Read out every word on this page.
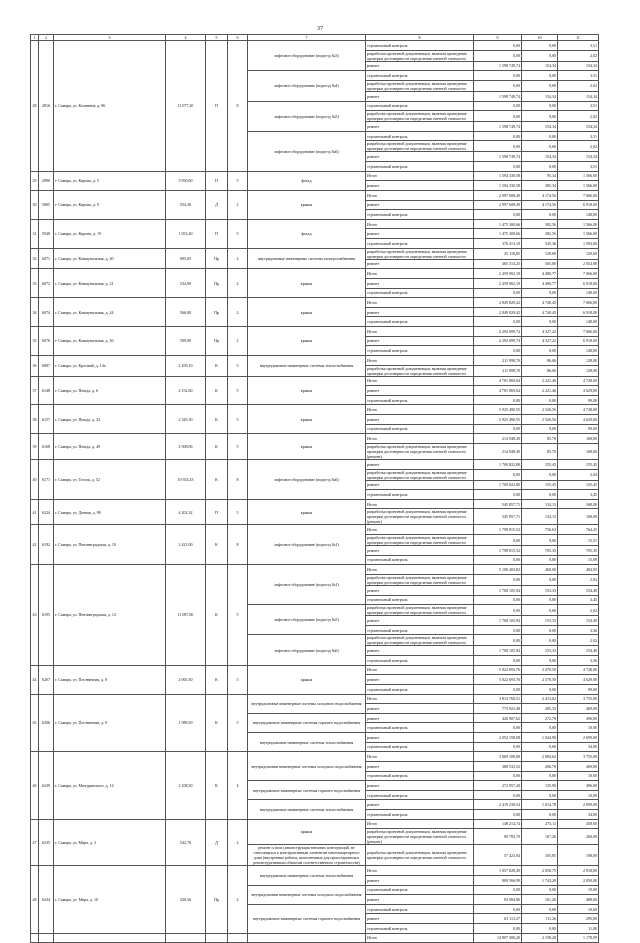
37
1	2	3	4	5	6	7	8	9	10	11
28	2816	г. Самара, ул. Калинина, д. 86	11 077,20	П	8	лифтовое оборудование (подъезд №3)	строительный контроль	0,00	0,00	3,51
							разработка проектной документации, включая проведение проверки достоверности определения сметной стоимости	0,00	0,00	2,02
							ремонт	1 598 749,74	154,34	154,34
						лифтовое оборудование (подъезд №4)	строительный контроль	0,00	0,00	3,51
							разработка проектной документации, включая проведение проверки достоверности определения сметной стоимости	0,00	0,00	2,02
							ремонт	1 598 749,74	154,34	154,34
						лифтовое оборудование (подъезд №5)	строительный контроль	0,00	0,00	3,51
							разработка проектной документации, включая проведение проверки достоверности определения сметной стоимости	0,00	0,00	2,02
							ремонт	1 598 749,74	154,34	154,34
						лифтовое оборудование (подъезд №6)	строительный контроль	0,00	0,00	3,51
							разработка проектной документации, включая проведение проверки достоверности определения сметной стоимости	0,00	0,00	2,02
							ремонт	1 598 749,74	154,34	154,34
							строительный контроль	0,00	0,00	3,51
29	2990	г. Самара, ул. Кирова, д. 5	3 950,60	П	5	фасад	Итого	1 594 330,58	95,34	1 566,00
							ремонт	1 594 330,58	385,34	1 566,00
30	5805	г. Самара, ул. Кирова, д. 9	554,30	Д	2	крыша	Итого	2 997 608,49	4 174,56	7 066,00
							ремонт	2 997 608,49	4 174,56	6 918,00
							строительный контроль	0,00	0,00	148,00
31	5948	г. Самара, ул. Кирова, д. 19	1 053,40	П	5	фасад	Итого	1 475 300,66	382,56	1 566,00
							ремонт	1 475 300,66	382,56	1 566,00
							строительный контроль	376 413,10	545,36	1 593,00
32	6071	г. Самара, ул. Коммунальная, д. 20	695,65	Пр	2	внутридомовые инженерные системы электроснабжения	разработка проектной документации, включая проведение проверки достоверности определения сметной стоимости	25 118,85	129,00	129,00
							ремонт	365 314,25	565,00	2 054,00
33	6072	г. Самара, ул. Коммунальная, д. 21	534,90	Пр	2	крыша	Итого	2 459 902,19	4 490,77	7 066,00
							ремонт	2 459 902,19	4 490,77	6 918,00
							строительный контроль	0,00	0,00	148,00
34	6074	г. Самара, ул. Коммунальная, д. 24	566,00	Пр	2	крыша	Итого	2 849 829,42	4 740,45	7 066,00
							ремонт	2 849 829,42	4 740,45	6 918,00
							строительный контроль	0,00	0,00	148,00
35	6076	г. Самара, ул. Коммунальная, д. 26	509,90	Пр	2	крыша	Итого	2 292 099,74	4 327,22	7 066,00
							ремонт	2 292 099,74	4 327,22	6 918,00
							строительный контроль	0,00	0,00	148,00
36	6087	г. Самара, ул. Красный, д. 14а	2 459,10	К	5	внутридомовые инженерные системы теплоснабжения	Итого	211 998,70	86,06	128,00
							разработка проектной документации, включая проведение проверки достоверности определения сметной стоимости	211 998,70	86,06	128,00
37	6148	г. Самара, ул. Пешда, д. 6	2 152,60	К	5	крыша	Итого	4 781 869,04	2 221,46	4 728,00
							ремонт	4 781 869,04	2 221,46	4 629,00
							строительный контроль	0,00	0,00	99,00
38	6157	г. Самара, ул. Пешда, д. 32	2 345,30	К	5	крыша	Итого	5 925 490,55	2 526,56	4 728,00
							ремонт	5 925 490,55	2 526,56	4 629,00
							строительный контроль	0,00	0,00	99,00
39	6168	г. Самара, ул. Пешда, д. 49	2 508,06	К	5	крыша	Итого	214 948,49	85,70	168,00
							разработка проектной документации, включая проведение проверки достоверности определения сметной стоимости (ремонт)	214 948,49	85,70	168,00
40	6171	г. Самара, ул. Гоголя, д. 52	10 923,43	К	8	лифтовое оборудование (подъезд №6)	ремонт	1 700 822,80	155,45	155,45
							разработка проектной документации, включая проведение проверки достоверности определения сметной стоимости	0,00	0,00	2,04
							ремонт	1 700 822,80	155,45	155,45
							строительный контроль	0,00	0,00	3,45
41	6224	г. Самара, ул. Дачная, д. 98	4 201,32	П	5	крыша	Итого	545 857,71	134,13	168,00
							разработка проектной документации, включая проведение проверки достоверности определения сметной стоимости (ремонт)	545 857,71	134,13	168,00
42	6192	г. Самара, ул. Пензинградская, д. 10	2 421,00	К	8	лифтовое оборудование (подъезд №1)	Итого	1 798 815,52	756,63	764,25
							разработка проектной документации, включая проведение проверки достоверности определения сметной стоимости	0,00	0,00	15,51
							ремонт	1 798 815,52	705,35	705,35
							строительный контроль	0,00	0,00	15,09
43	6195	г. Самара, ул. Пензинградская, д. 12	11 087,60	К	5	лифтовое оборудование (подъезд №1)	Итого	5 100 403,82	460,00	484,95
							разработка проектной документации, включая проведение проверки достоверности определения сметной стоимости	0,00	0,00	2,02
							ремонт	1 700 105,94	153,33	154,49
							строительный контроль	0,00	0,00	3,45
						лифтовое оборудование (подъезд №5)	разработка проектной документации, включая проведение проверки достоверности определения сметной стоимости	0,00	0,00	2,02
							ремонт	1 700 105,94	153,33	154,49
							строительный контроль	0,00	0,00	3,36
						лифтовое оборудование (подъезд №6)	разработка проектной документации, включая проведение проверки достоверности определения сметной стоимости	0,00	0,00	2,02
							ремонт	1 700 105,94	153,33	154,40
							строительный контроль	0,00	0,00	3,36
44	6207	г. Самара, ул. Плотничная, д. 8	2 065,30	К	5	крыша	Итого	5 022 693,76	2 470,50	4 728,00
							ремонт	5 022 693,76	2 570,50	4 629,00
							строительный контроль	0,00	0,00	99,00
45	6206	г. Самара, ул. Плотничная, д. 9	1 989,50	К	5	внутридомовые инженерные системы холодного водоснабжения	Итого	3 813 760,51	2 413,02	3 755,00
							ремонт	773 923,48	285,33	469,00
						внутридомовые инженерные системы горячего водоснабжения	ремонт	426 907,62	272,79	496,00
							строительный контроль	0,00	0,00	10,00
						внутридомовые инженерные системы теплоснабжения	ремонт	2 052 158,08	1 044,90	2 699,00
							строительный контроль	0,00	0,00	34,00
46	6239	г. Самара, ул. Мичуринского, д. 14	2 108,50	К	4	внутридомовые инженерные системы холодного водоснабжения	Итого	3 069 100,08	2 084,62	3 755,00
							ремонт	368 533,52	206,70	469,00
							строительный контроль	0,00	0,00	10,00
						внутридомовые инженерные системы горячего водоснабжения	ремонт	272 957,20	135,90	496,00
							строительный контроль	0,00	0,00	10,00
						внутридомовые инженерные системы теплоснабжения	ремонт	2 419 238,54	1 014,78	2 699,00
							строительный контроль	0,00	0,00	34,00
47	6235	г. Самара, ул. Мира, д. 2	542,76	Д	2	крыша	Итого	148 214,74	273,11	458,00
							разработка проектной документации, включая проведение проверки достоверности определения сметной стоимости (ремонт)	90 783,70	167,26	260,00
						ремонт и (или) реконструкция внешних конструкций, не относящихся к конструктивным элементам многоквартирного дома (внутренние работы, выполненные для присоединения к реконструктивным объектам соответственного строительства)	разработка проектной документации, включая проведение проверки достоверности определения сметной стоимости	57 423,04	105,85	198,00
48	6244	г. Самара, ул. Мира, д. 10	520,56	Пр	2	внутридомовые инженерные системы теплоснабжения	Итого	1 057 828,49	2 050,75	2 918,00
							ремонт	909 566,99	1 743,28	2 050,00
						внутридомовые инженерные системы холодного водоснабжения	строительный контроль	0,00	0,00	19,00
							ремонт	83 984,86	161,26	488,00
						внутридомовые инженерные системы горячего водоснабжения	строительный контроль	0,00	0,00	10,00
							ремонт	63 113,27	111,26	295,00
							строительный контроль	0,00	0,00	11,00
							Итого	14 807 300,20	2 158,28	1 178,09
